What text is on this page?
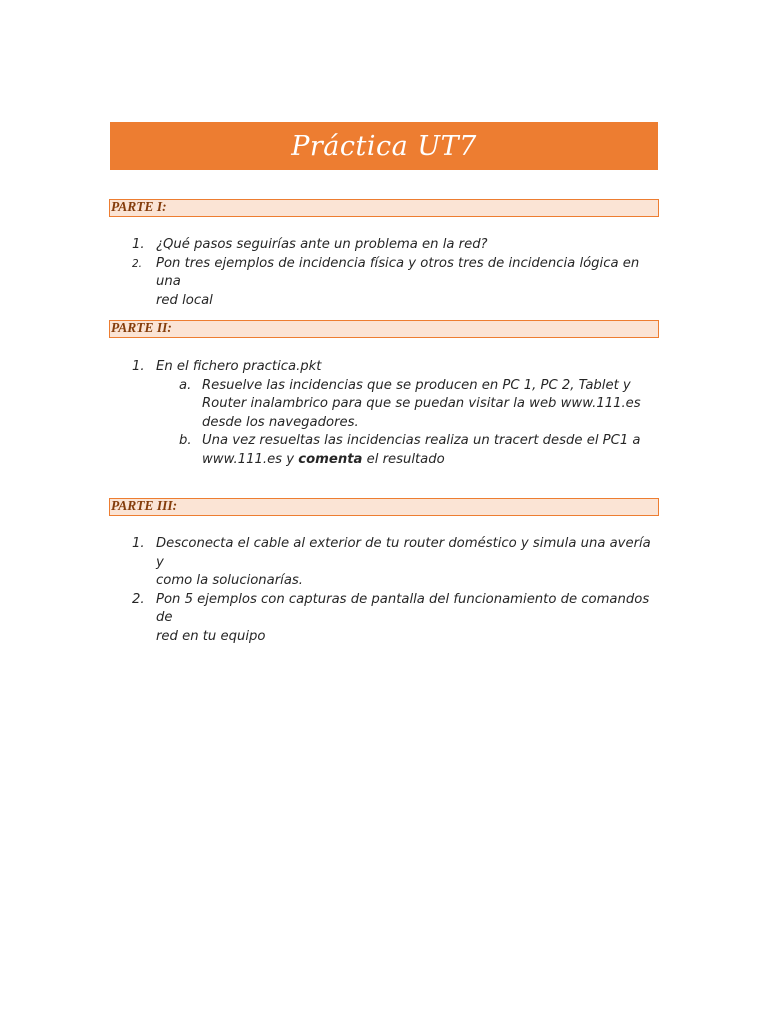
Práctica UT7
PARTE I:
1. ¿Qué pasos seguirías ante un problema en la red?
2. Pon tres ejemplos de incidencia física y otros tres de incidencia lógica en una
red local
PARTE II:
1. En el fichero practica.pkt
a. Resuelve las incidencias que se producen en PC 1, PC 2, Tablet y
Router inalambrico para que se puedan visitar la web www.111.es
desde los navegadores.
b. Una vez resueltas las incidencias realiza un tracert desde el PC1 a
www.111.es y comenta el resultado
PARTE III:
1. Desconecta el cable al exterior de tu router doméstico y simula una avería y
como la solucionarías.
2. Pon 5 ejemplos con capturas de pantalla del funcionamiento de comandos de
red en tu equipo
